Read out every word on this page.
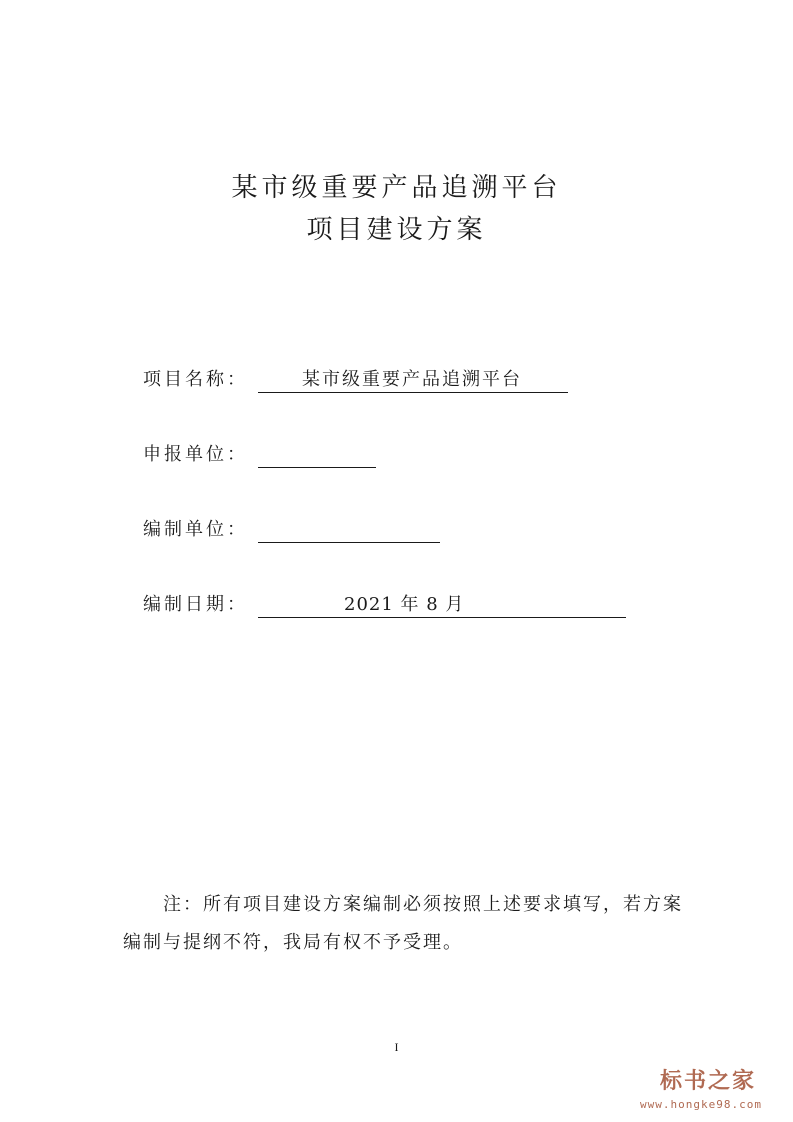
某市级重要产品追溯平台
项目建设方案
项目名称：	某市级重要产品追溯平台
申报单位：
编制单位：
编制日期：	2021 年 8 月
注：所有项目建设方案编制必须按照上述要求填写，若方案编制与提纲不符，我局有权不予受理。
I
标书之家
www.hongke98.com
